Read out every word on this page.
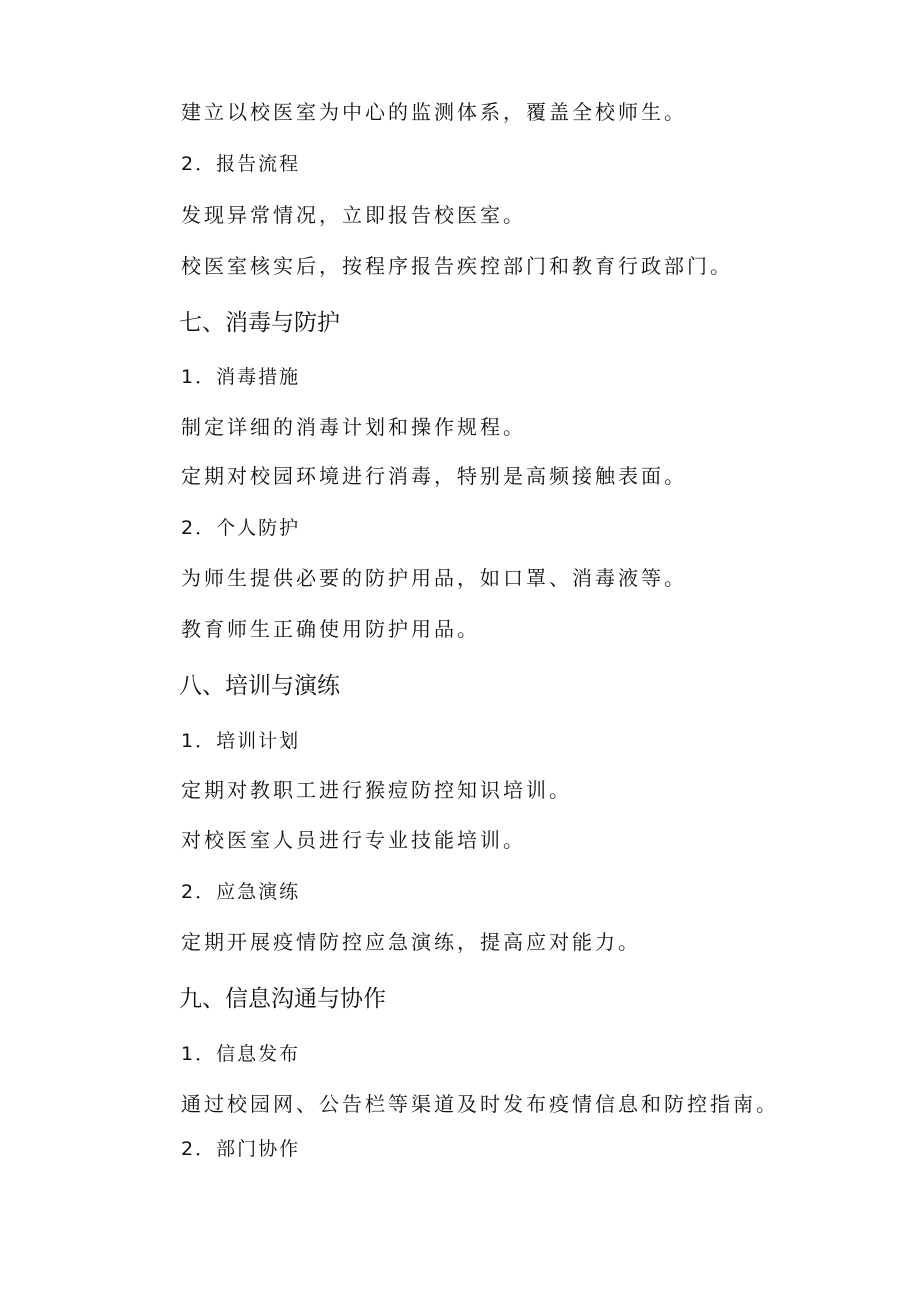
建立以校医室为中心的监测体系，覆盖全校师生。

2．报告流程

发现异常情况，立即报告校医室。

校医室核实后，按程序报告疾控部门和教育行政部门。

七、消毒与防护

1．消毒措施

制定详细的消毒计划和操作规程。

定期对校园环境进行消毒，特别是高频接触表面。

2．个人防护

为师生提供必要的防护用品，如口罩、消毒液等。

教育师生正确使用防护用品。

八、培训与演练

1．培训计划

定期对教职工进行猴痘防控知识培训。

对校医室人员进行专业技能培训。

2．应急演练

定期开展疫情防控应急演练，提高应对能力。

九、信息沟通与协作

1．信息发布

通过校园网、公告栏等渠道及时发布疫情信息和防控指南。

2．部门协作
